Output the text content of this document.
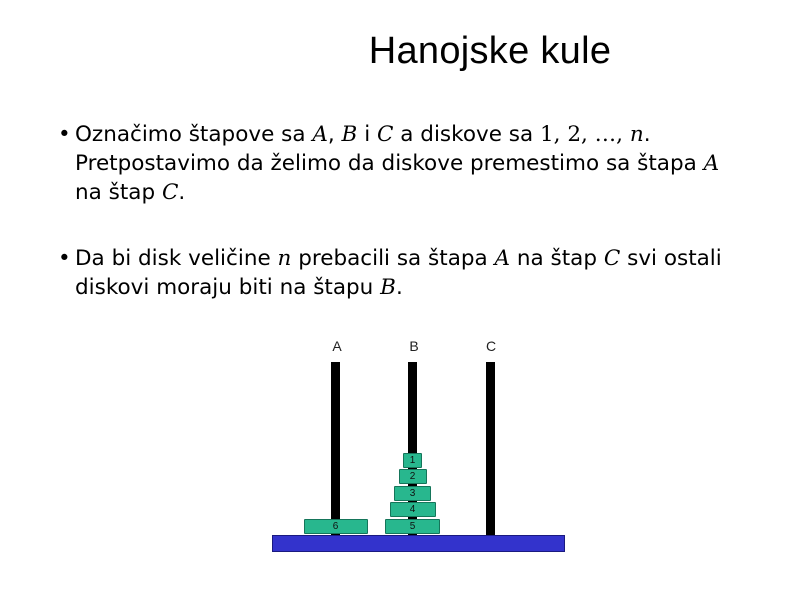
Hanojske kule
• Označimo štapove sa A, B i C a diskove sa 1, 2, …, n. Pretpostavimo da želimo da diskove premestimo sa štapa A na štap C.
• Da bi disk veličine n prebacili sa štapa A na štap C svi ostali diskovi moraju biti na štapu B.
A	B	C
6	5
4
3
2
1
